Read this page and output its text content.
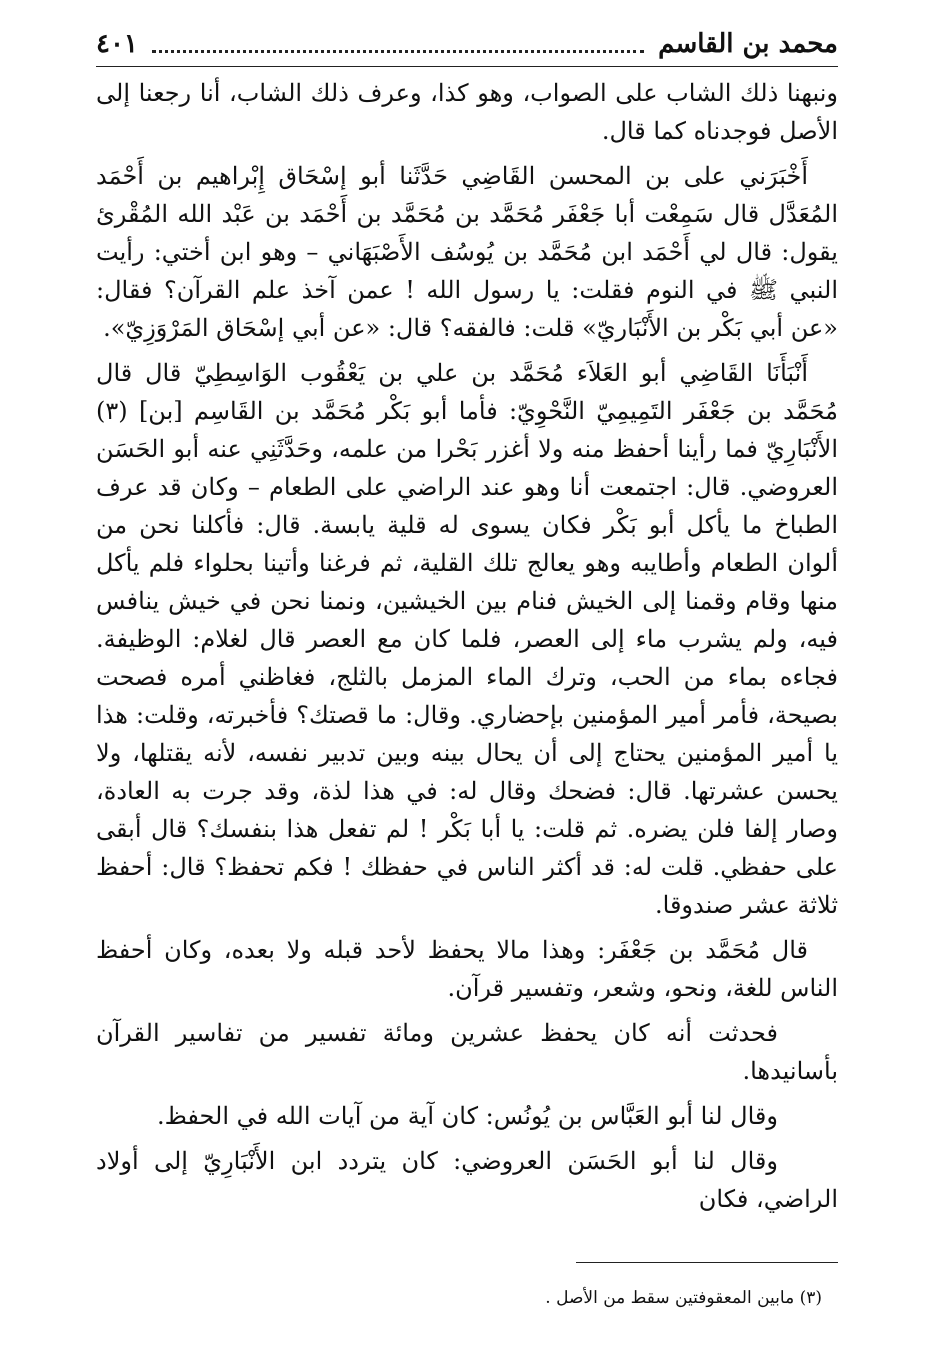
محمد بن القاسم
٤٠١

ونبهنا ذلك الشاب على الصواب، وهو كذا، وعرف ذلك الشاب، أنا رجعنا إلى الأصل فوجدناه كما قال.

أَخْبَرَني على بن المحسن القَاضِي حَدَّثَنا أبو إسْحَاق إِبْراهيم بن أَحْمَد المُعَدَّل قال سَمِعْت أبا جَعْفَر مُحَمَّد بن مُحَمَّد بن أَحْمَد بن عَبْد الله المُقْرئ يقول: قال لي أَحْمَد ابن مُحَمَّد بن يُوسُف الأَصْبَهَاني – وهو ابن أختي: رأيت النبي ﷺ في النوم فقلت: يا رسول الله ! عمن آخذ علم القرآن؟ فقال: «عن أبي بَكْر بن الأَنْبَاريّ» قلت: فالفقه؟ قال: «عن أبي إسْحَاق المَرْوَزِيّ».

أَنْبَأَنَا القَاضِي أبو العَلاَء مُحَمَّد بن علي بن يَعْقُوب الوَاسِطِيّ قال قال مُحَمَّد بن جَعْفَر التَمِيمِيّ النَّحْوِيّ: فأما أبو بَكْر مُحَمَّد بن القَاسِم [بن] (٣) الأَنْبَارِيّ فما رأينا أحفظ منه ولا أغزر بَحْرا من علمه، وحَدَّثَنِي عنه أبو الحَسَن العروضي. قال: اجتمعت أنا وهو عند الراضي على الطعام – وكان قد عرف الطباخ ما يأكل أبو بَكْر فكان يسوى له قلية يابسة. قال: فأكلنا نحن من ألوان الطعام وأطايبه وهو يعالج تلك القلية، ثم فرغنا وأتينا بحلواء فلم يأكل منها وقام وقمنا إلى الخيش فنام بين الخيشين، ونمنا نحن في خيش ينافس فيه، ولم يشرب ماء إلى العصر، فلما كان مع العصر قال لغلام: الوظيفة. فجاءه بماء من الحب، وترك الماء المزمل بالثلج، فغاظني أمره فصحت بصيحة، فأمر أمير المؤمنين بإحضاري. وقال: ما قصتك؟ فأخبرته، وقلت: هذا يا أمير المؤمنين يحتاج إلى أن يحال بينه وبين تدبير نفسه، لأنه يقتلها، ولا يحسن عشرتها. قال: فضحك وقال له: في هذا لذة، وقد جرت به العادة، وصار إلفا فلن يضره. ثم قلت: يا أبا بَكْر ! لم تفعل هذا بنفسك؟ قال أبقى على حفظي. قلت له: قد أكثر الناس في حفظك ! فكم تحفظ؟ قال: أحفظ ثلاثة عشر صندوقا.

قال مُحَمَّد بن جَعْفَر: وهذا مالا يحفظ لأحد قبله ولا بعده، وكان أحفظ الناس للغة، ونحو، وشعر، وتفسير قرآن.

فحدثت أنه كان يحفظ عشرين ومائة تفسير من تفاسير القرآن بأسانيدها.

وقال لنا أبو العَبَّاس بن يُونُس: كان آية من آيات الله في الحفظ.

وقال لنا أبو الحَسَن العروضي: كان يتردد ابن الأَنْبَارِيّ إلى أولاد الراضي، فكان

(٣) مابين المعقوفتين سقط من الأصل .
